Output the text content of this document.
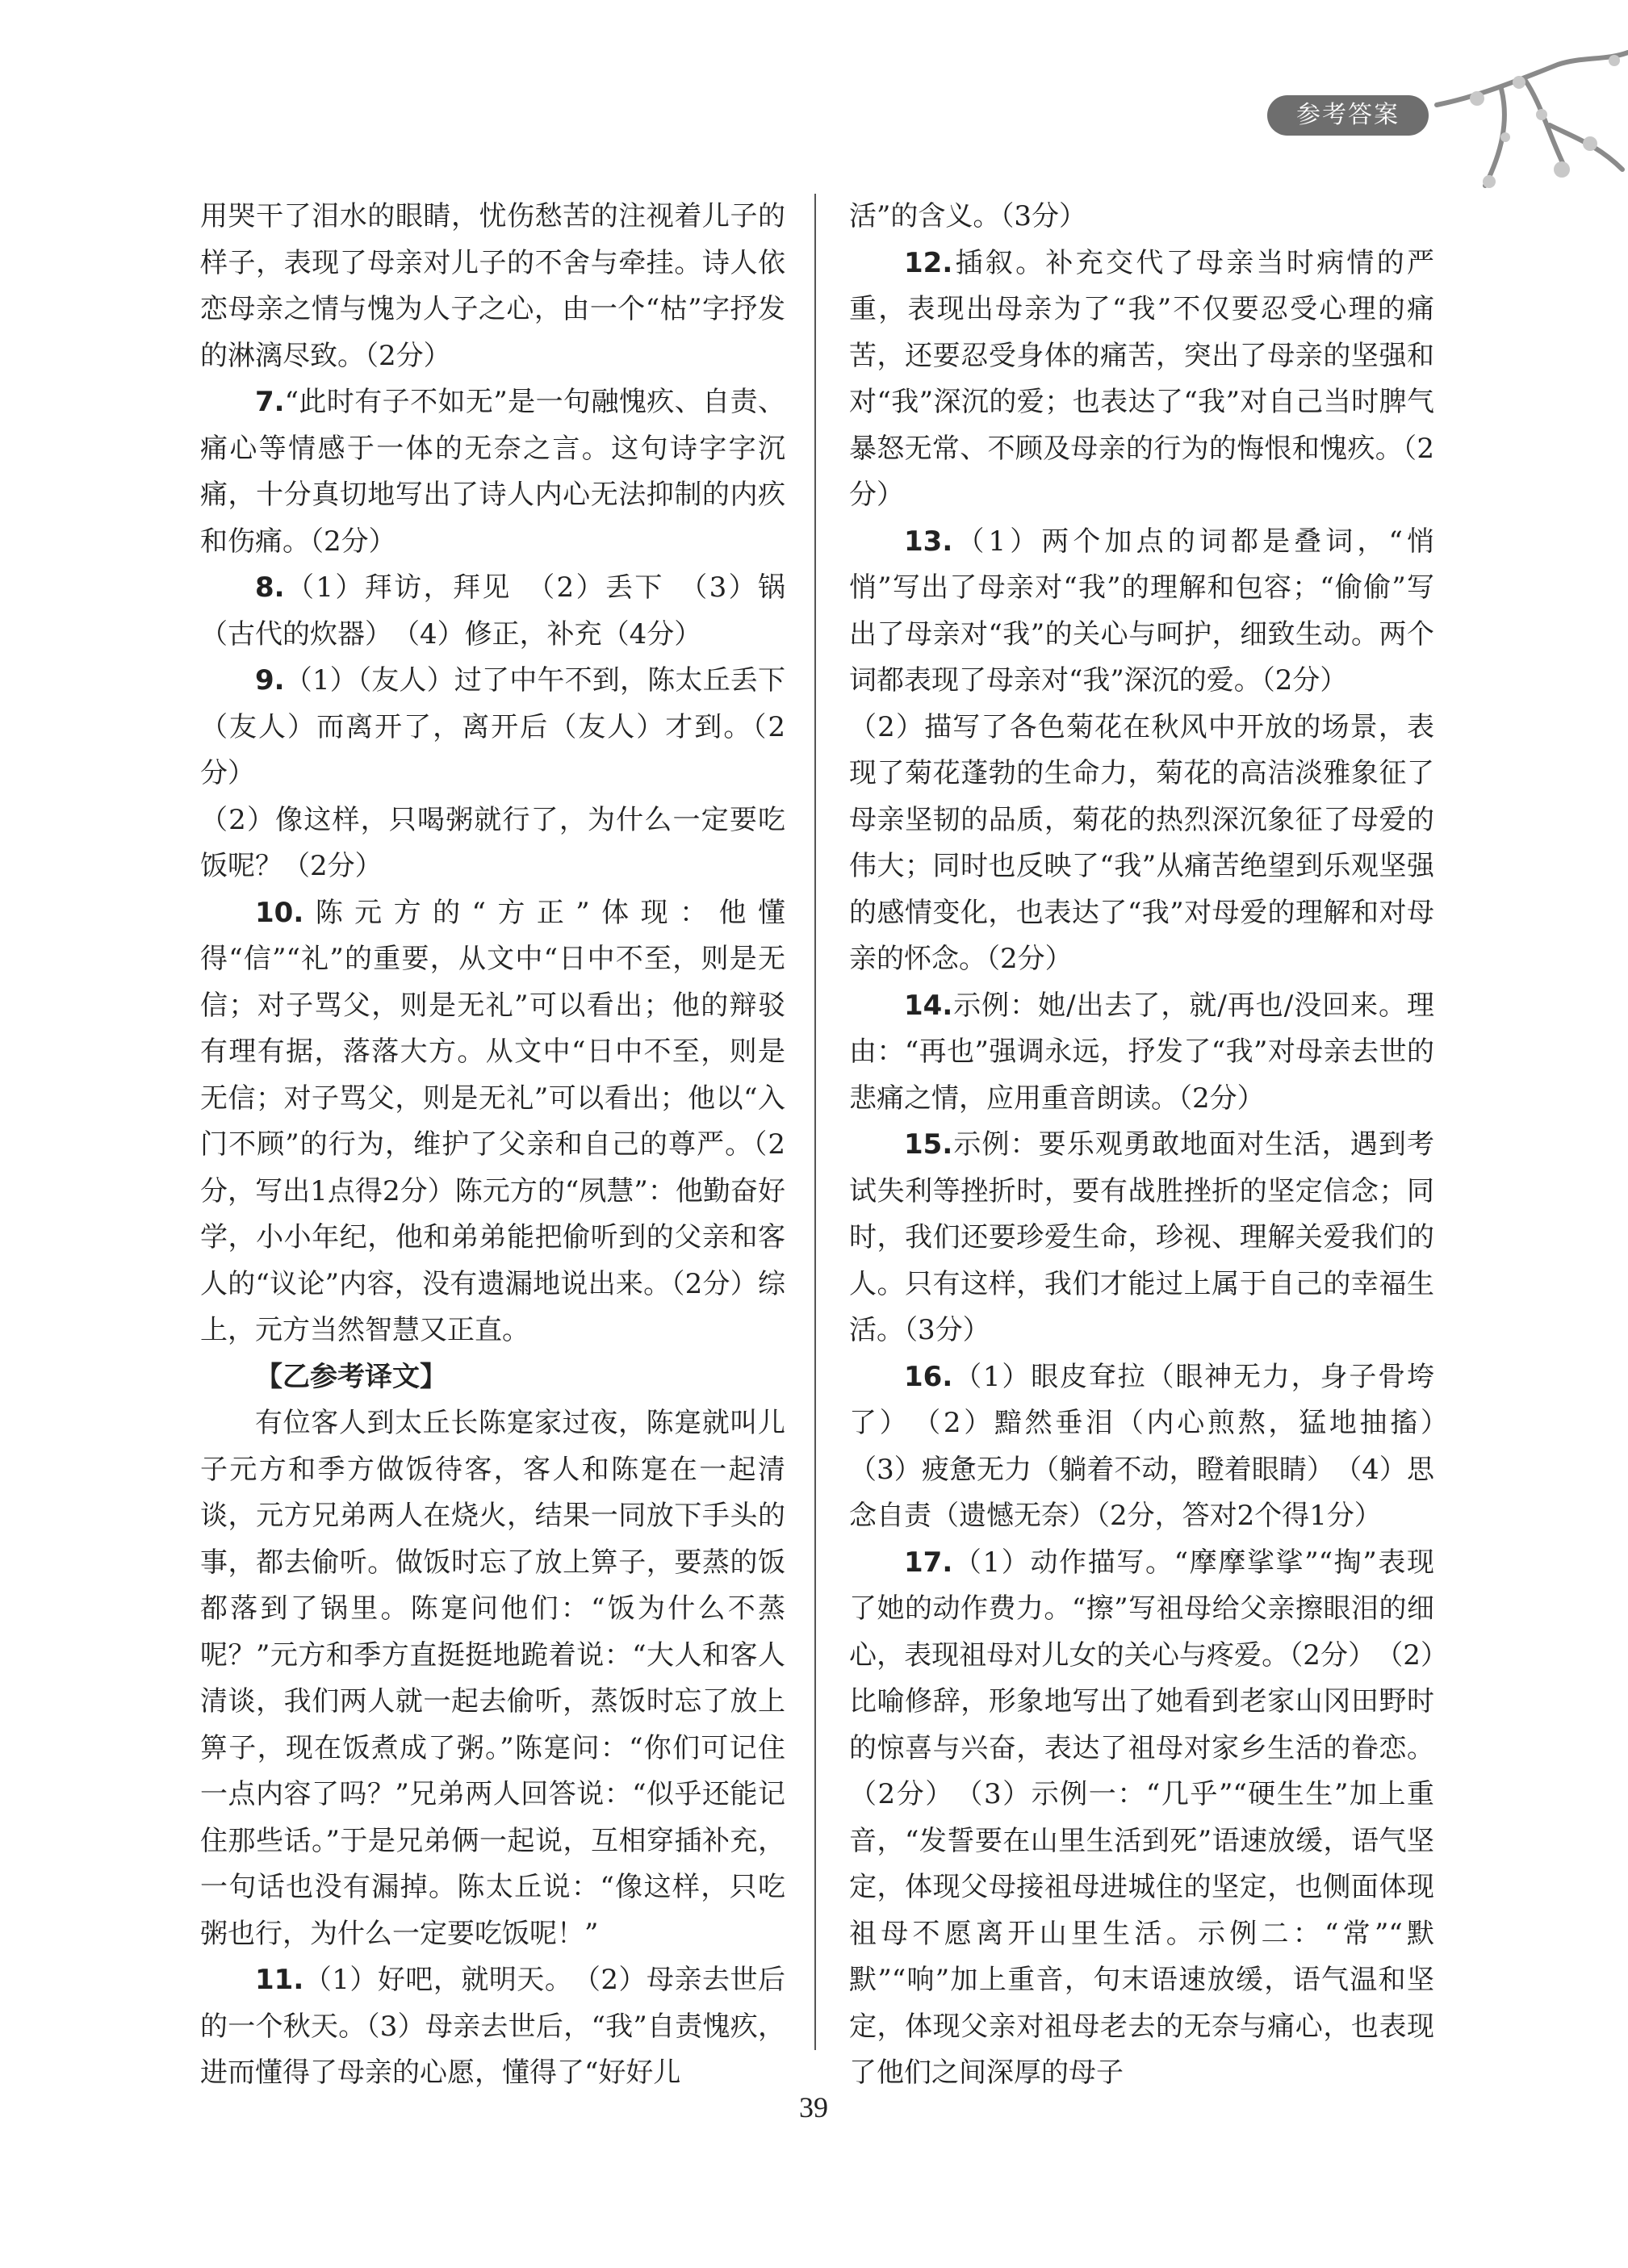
参考答案

用哭干了泪水的眼睛，忧伤愁苦的注视着儿子的样子，表现了母亲对儿子的不舍与牵挂。诗人依恋母亲之情与愧为人子之心，由一个“枯”字抒发的淋漓尽致。（2分）

7.“此时有子不如无”是一句融愧疚、自责、痛心等情感于一体的无奈之言。这句诗字字沉痛，十分真切地写出了诗人内心无法抑制的内疚和伤痛。（2分）

8.（1）拜访，拜见　（2）丢下　（3）锅（古代的炊器）　（4）修正，补充（4分）

9.（1）（友人）过了中午不到，陈太丘丢下（友人）而离开了，离开后（友人）才到。（2分）

（2）像这样，只喝粥就行了，为什么一定要吃饭呢？（2分）

10.陈元方的“方正”体现：他懂得“信”“礼”的重要，从文中“日中不至，则是无信；对子骂父，则是无礼”可以看出；他的辩驳有理有据，落落大方。从文中“日中不至，则是无信；对子骂父，则是无礼”可以看出；他以“入门不顾”的行为，维护了父亲和自己的尊严。（2分，写出1点得2分）陈元方的“夙慧”：他勤奋好学，小小年纪，他和弟弟能把偷听到的父亲和客人的“议论”内容，没有遗漏地说出来。（2分）综上，元方当然智慧又正直。

【乙参考译文】

有位客人到太丘长陈寔家过夜，陈寔就叫儿子元方和季方做饭待客，客人和陈寔在一起清谈，元方兄弟两人在烧火，结果一同放下手头的事，都去偷听。做饭时忘了放上箅子，要蒸的饭都落到了锅里。陈寔问他们：“饭为什么不蒸呢？”元方和季方直挺挺地跪着说：“大人和客人清谈，我们两人就一起去偷听，蒸饭时忘了放上箅子，现在饭煮成了粥。”陈寔问：“你们可记住一点内容了吗？”兄弟两人回答说：“似乎还能记住那些话。”于是兄弟俩一起说，互相穿插补充，一句话也没有漏掉。陈太丘说：“像这样，只吃粥也行，为什么一定要吃饭呢！”

11.（1）好吧，就明天。　（2）母亲去世后的一个秋天。（3）母亲去世后，“我”自责愧疚，进而懂得了母亲的心愿，懂得了“好好儿

活”的含义。（3分）

12.插叙。补充交代了母亲当时病情的严重，表现出母亲为了“我”不仅要忍受心理的痛苦，还要忍受身体的痛苦，突出了母亲的坚强和对“我”深沉的爱；也表达了“我”对自己当时脾气暴怒无常、不顾及母亲的行为的悔恨和愧疚。（2分）

13.（1）两个加点的词都是叠词，“悄悄”写出了母亲对“我”的理解和包容；“偷偷”写出了母亲对“我”的关心与呵护，细致生动。两个词都表现了母亲对“我”深沉的爱。（2分）

（2）描写了各色菊花在秋风中开放的场景，表现了菊花蓬勃的生命力，菊花的高洁淡雅象征了母亲坚韧的品质，菊花的热烈深沉象征了母爱的伟大；同时也反映了“我”从痛苦绝望到乐观坚强的感情变化，也表达了“我”对母爱的理解和对母亲的怀念。（2分）

14.示例：她/出去了，就/再也/没回来。理由：“再也”强调永远，抒发了“我”对母亲去世的悲痛之情，应用重音朗读。（2分）

15.示例：要乐观勇敢地面对生活，遇到考试失利等挫折时，要有战胜挫折的坚定信念；同时，我们还要珍爱生命，珍视、理解关爱我们的人。只有这样，我们才能过上属于自己的幸福生活。（3分）

16.（1）眼皮耷拉（眼神无力，身子骨垮了）　（2）黯然垂泪（内心煎熬，猛地抽搐）　（3）疲惫无力（躺着不动，瞪着眼睛）　（4）思念自责（遗憾无奈）（2分，答对2个得1分）

17.（1）动作描写。“摩摩挲挲”“掏”表现了她的动作费力。“擦”写祖母给父亲擦眼泪的细心，表现祖母对儿女的关心与疼爱。（2分）　（2）比喻修辞，形象地写出了她看到老家山冈田野时的惊喜与兴奋，表达了祖母对家乡生活的眷恋。（2分）　（3）示例一：“几乎”“硬生生”加上重音，“发誓要在山里生活到死”语速放缓，语气坚定，体现父母接祖母进城住的坚定，也侧面体现祖母不愿离开山里生活。示例二：“常”“默默”“响”加上重音，句末语速放缓，语气温和坚定，体现父亲对祖母老去的无奈与痛心，也表现了他们之间深厚的母子

39
